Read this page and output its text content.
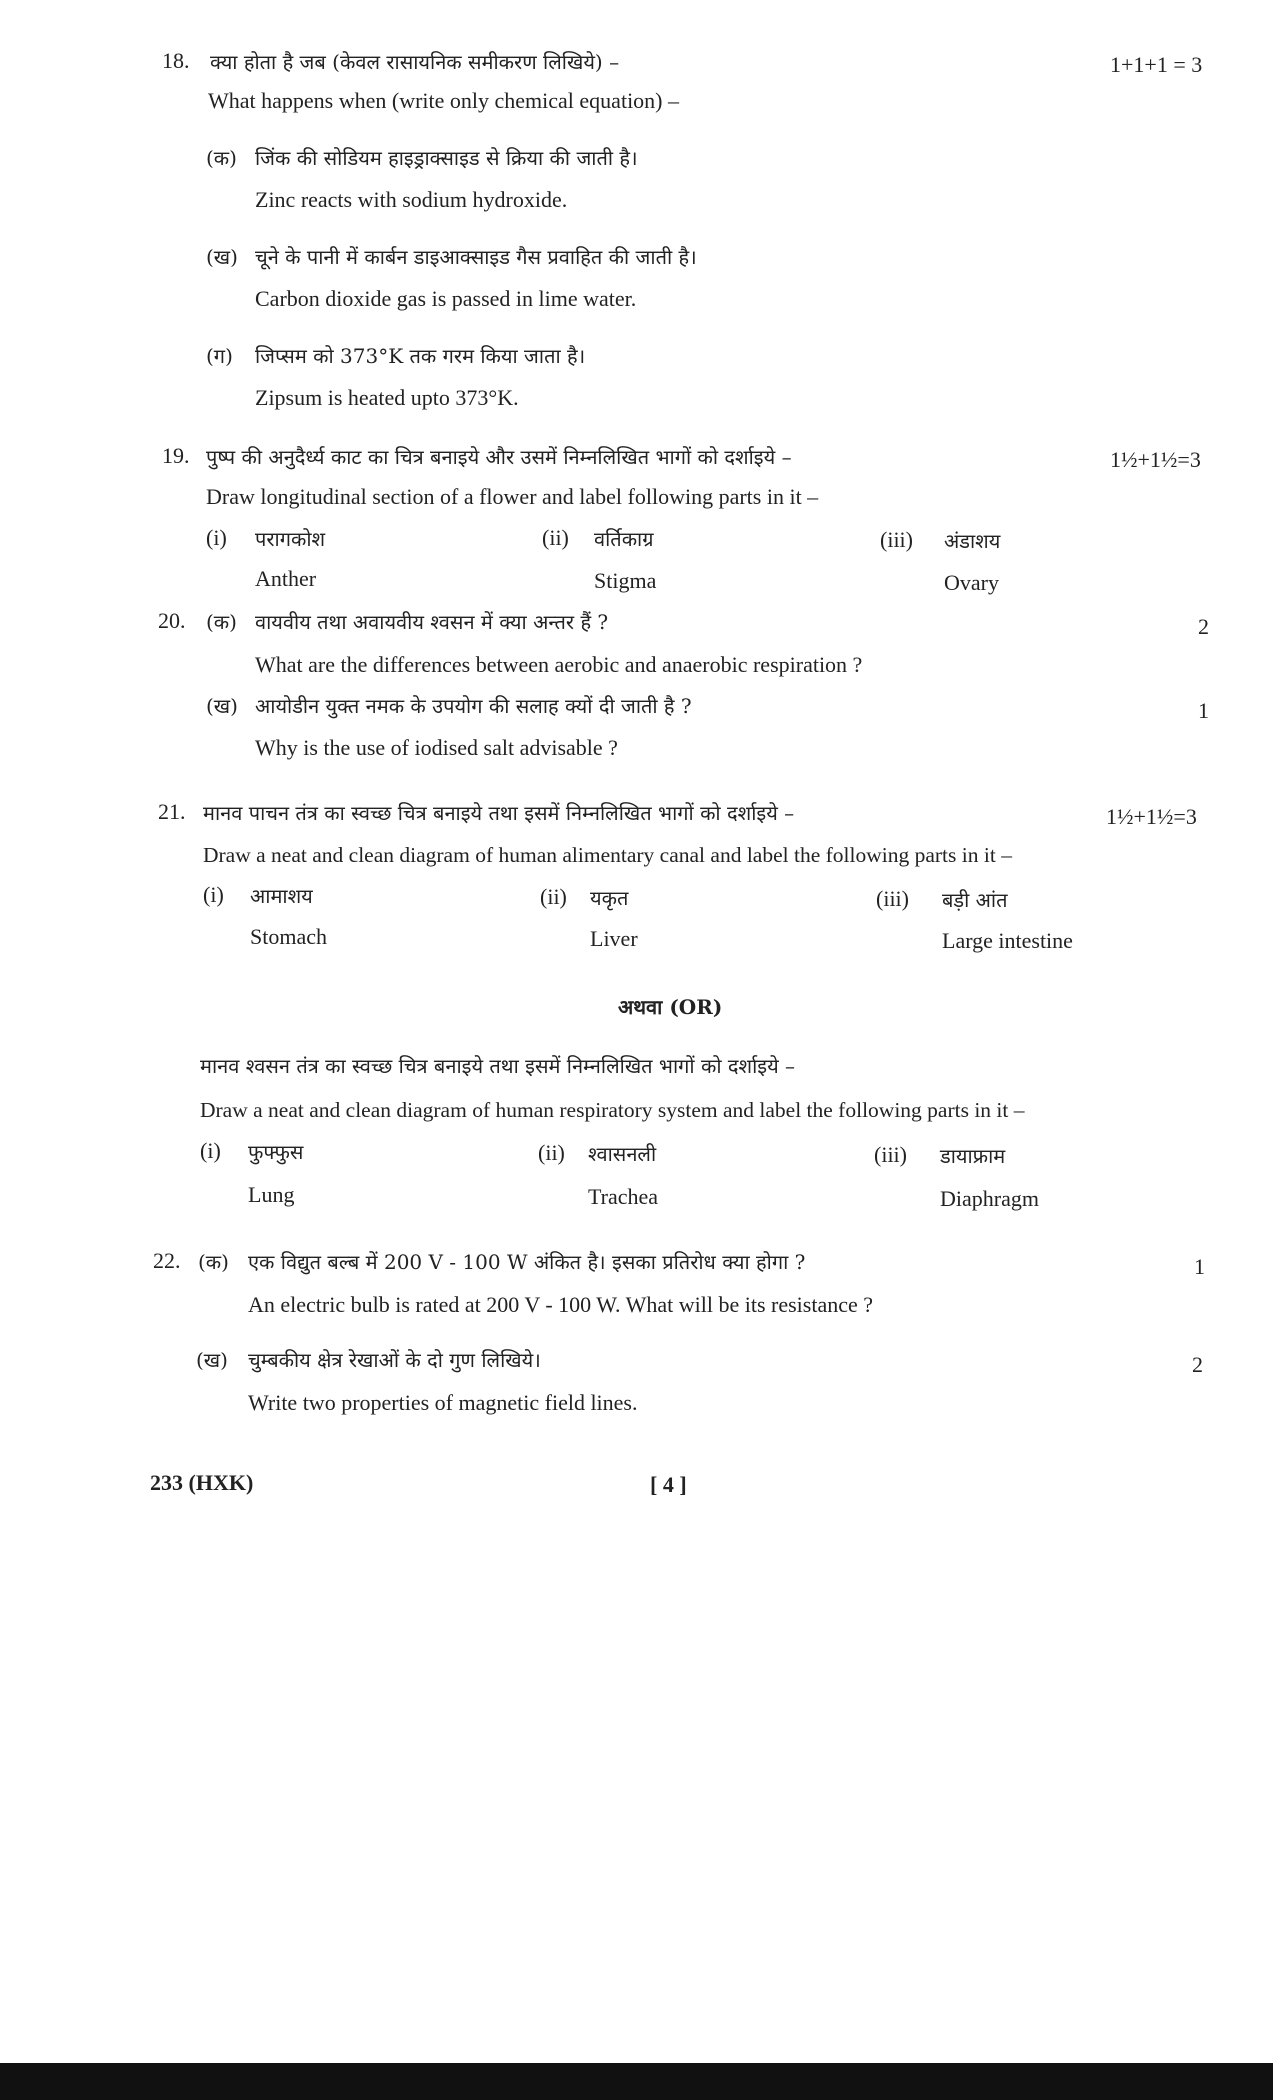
18. क्या होता है जब (केवल रासायनिक समीकरण लिखिये) –	1+1+1 = 3
What happens when (write only chemical equation) –
(क) जिंक की सोडियम हाइड्राक्साइड से क्रिया की जाती है।
Zinc reacts with sodium hydroxide.
(ख) चूने के पानी में कार्बन डाइआक्साइड गैस प्रवाहित की जाती है।
Carbon dioxide gas is passed in lime water.
(ग) जिप्सम को 373°K तक गरम किया जाता है।
Zipsum is heated upto 373°K.
19. पुष्प की अनुदैर्ध्य काट का चित्र बनाइये और उसमें निम्नलिखित भागों को दर्शाइये –	1½+1½=3
Draw longitudinal section of a flower and label following parts in it –
(i) परागकोश
Anther
(ii) वर्तिकाग्र
Stigma
(iii) अंडाशय
Ovary
20. (क) वायवीय तथा अवायवीय श्वसन में क्या अन्तर हैं ?	2
What are the differences between aerobic and anaerobic respiration ?
(ख) आयोडीन युक्त नमक के उपयोग की सलाह क्यों दी जाती है ?	1
Why is the use of iodised salt advisable ?
21. मानव पाचन तंत्र का स्वच्छ चित्र बनाइये तथा इसमें निम्नलिखित भागों को दर्शाइये –	1½+1½=3
Draw a neat and clean diagram of human alimentary canal and label the following parts in it –
(i) आमाशय
Stomach
(ii) यकृत
Liver
(iii) बड़ी आंत
Large intestine
अथवा (OR)
मानव श्वसन तंत्र का स्वच्छ चित्र बनाइये तथा इसमें निम्नलिखित भागों को दर्शाइये –
Draw a neat and clean diagram of human respiratory system and label the following parts in it –
(i) फुफ्फुस
Lung
(ii) श्वासनली
Trachea
(iii) डायाफ्राम
Diaphragm
22. (क) एक विद्युत बल्ब में 200 V - 100 W अंकित है। इसका प्रतिरोध क्या होगा ?	1
An electric bulb is rated at 200 V - 100 W. What will be its resistance ?
(ख) चुम्बकीय क्षेत्र रेखाओं के दो गुण लिखिये।	2
Write two properties of magnetic field lines.
233 (HXK)	[ 4 ]
